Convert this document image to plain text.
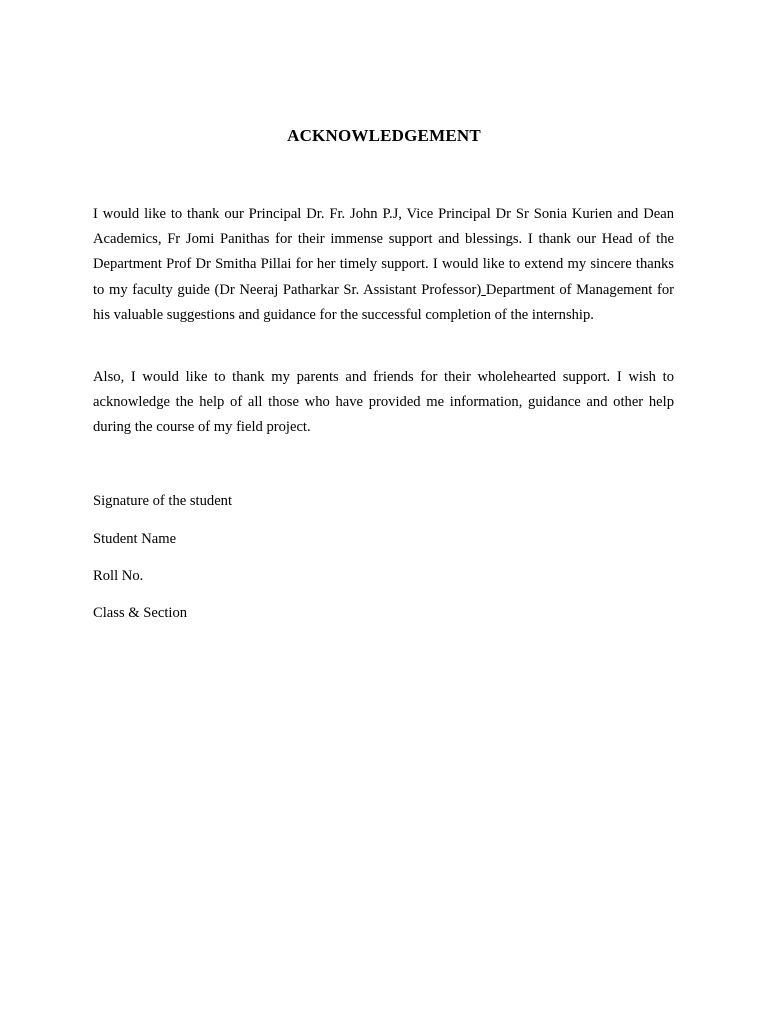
ACKNOWLEDGEMENT
I would like to thank our Principal Dr. Fr. John P.J, Vice Principal Dr Sr Sonia Kurien and Dean Academics, Fr Jomi Panithas for their immense support and blessings. I thank our Head of the Department Prof Dr Smitha Pillai for her timely support. I would like to extend my sincere thanks to my faculty guide (Dr Neeraj Patharkar Sr. Assistant Professor) Department of Management for his valuable suggestions and guidance for the successful completion of the internship.
Also, I would like to thank my parents and friends for their wholehearted support. I wish to acknowledge the help of all those who have provided me information, guidance and other help during the course of my field project.
Signature of the student
Student Name
Roll No.
Class & Section
